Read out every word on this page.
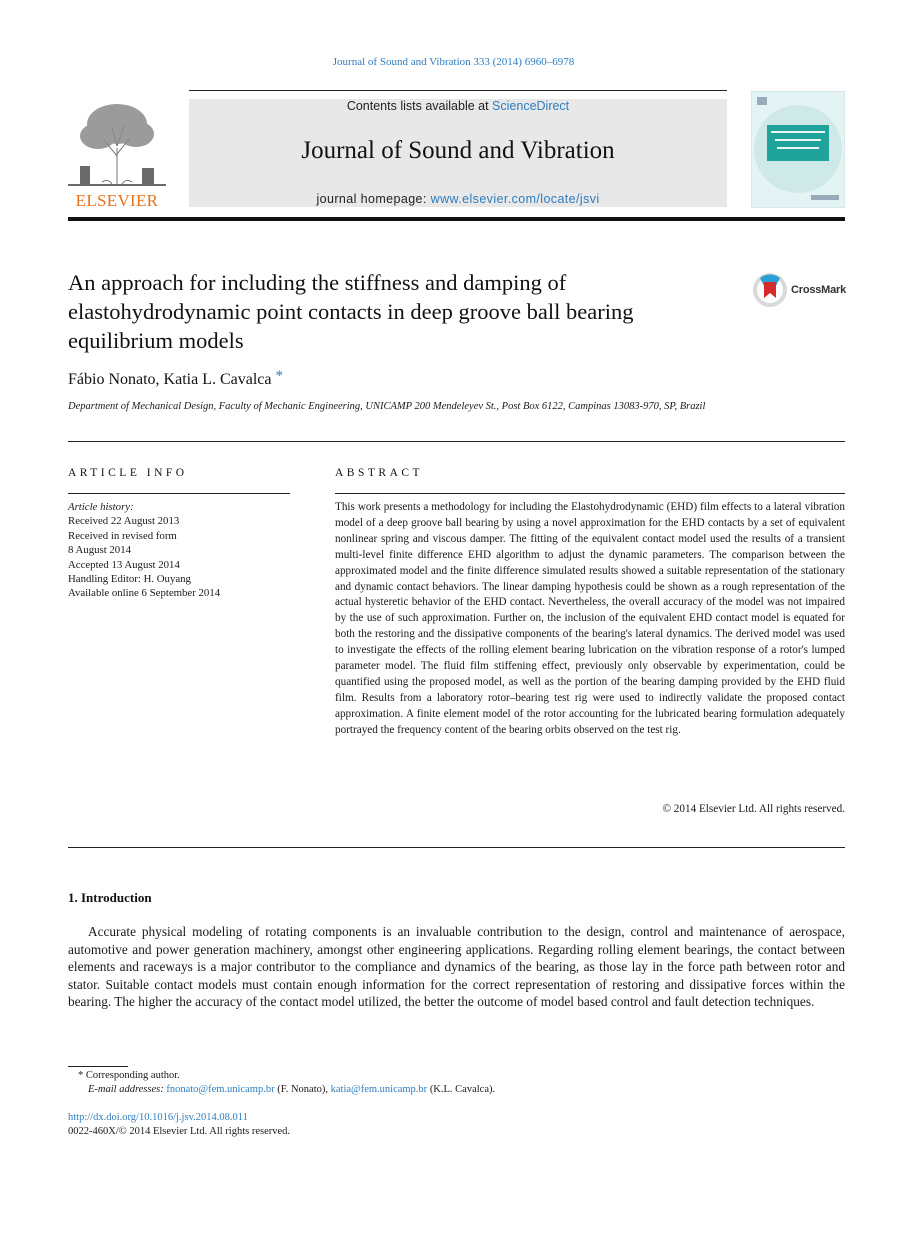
Journal of Sound and Vibration 333 (2014) 6960–6978
ELSEVIER
Contents lists available at ScienceDirect
Journal of Sound and Vibration
journal homepage: www.elsevier.com/locate/jsvi
An approach for including the stiffness and damping of elastohydrodynamic point contacts in deep groove ball bearing equilibrium models
CrossMark
Fábio Nonato, Katia L. Cavalca *
Department of Mechanical Design, Faculty of Mechanic Engineering, UNICAMP 200 Mendeleyev St., Post Box 6122, Campinas 13083-970, SP, Brazil
ARTICLE INFO	ABSTRACT
Article history:
Received 22 August 2013
Received in revised form
8 August 2014
Accepted 13 August 2014
Handling Editor: H. Ouyang
Available online 6 September 2014
This work presents a methodology for including the Elastohydrodynamic (EHD) film effects to a lateral vibration model of a deep groove ball bearing by using a novel approximation for the EHD contacts by a set of equivalent nonlinear spring and viscous damper. The fitting of the equivalent contact model used the results of a transient multi-level finite difference EHD algorithm to adjust the dynamic parameters. The comparison between the approximated model and the finite difference simulated results showed a suitable representation of the stationary and dynamic contact behaviors. The linear damping hypothesis could be shown as a rough representation of the actual hysteretic behavior of the EHD contact. Nevertheless, the overall accuracy of the model was not impaired by the use of such approximation. Further on, the inclusion of the equivalent EHD contact model is equated for both the restoring and the dissipative components of the bearing's lateral dynamics. The derived model was used to investigate the effects of the rolling element bearing lubrication on the vibration response of a rotor's lumped parameter model. The fluid film stiffening effect, previously only observable by experimentation, could be quantified using the proposed model, as well as the portion of the bearing damping provided by the EHD fluid film. Results from a laboratory rotor–bearing test rig were used to indirectly validate the proposed contact approximation. A finite element model of the rotor accounting for the lubricated bearing formulation adequately portrayed the frequency content of the bearing orbits observed on the test rig.
© 2014 Elsevier Ltd. All rights reserved.
1. Introduction
Accurate physical modeling of rotating components is an invaluable contribution to the design, control and maintenance of aerospace, automotive and power generation machinery, amongst other engineering applications. Regarding rolling element bearings, the contact between elements and raceways is a major contributor to the compliance and dynamics of the bearing, as those lay in the force path between rotor and stator. Suitable contact models must contain enough information for the correct representation of restoring and dissipative forces within the bearing. The higher the accuracy of the contact model utilized, the better the outcome of model based control and fault detection techniques.
* Corresponding author.
E-mail addresses: fnonato@fem.unicamp.br (F. Nonato), katia@fem.unicamp.br (K.L. Cavalca).
http://dx.doi.org/10.1016/j.jsv.2014.08.011
0022-460X/© 2014 Elsevier Ltd. All rights reserved.
